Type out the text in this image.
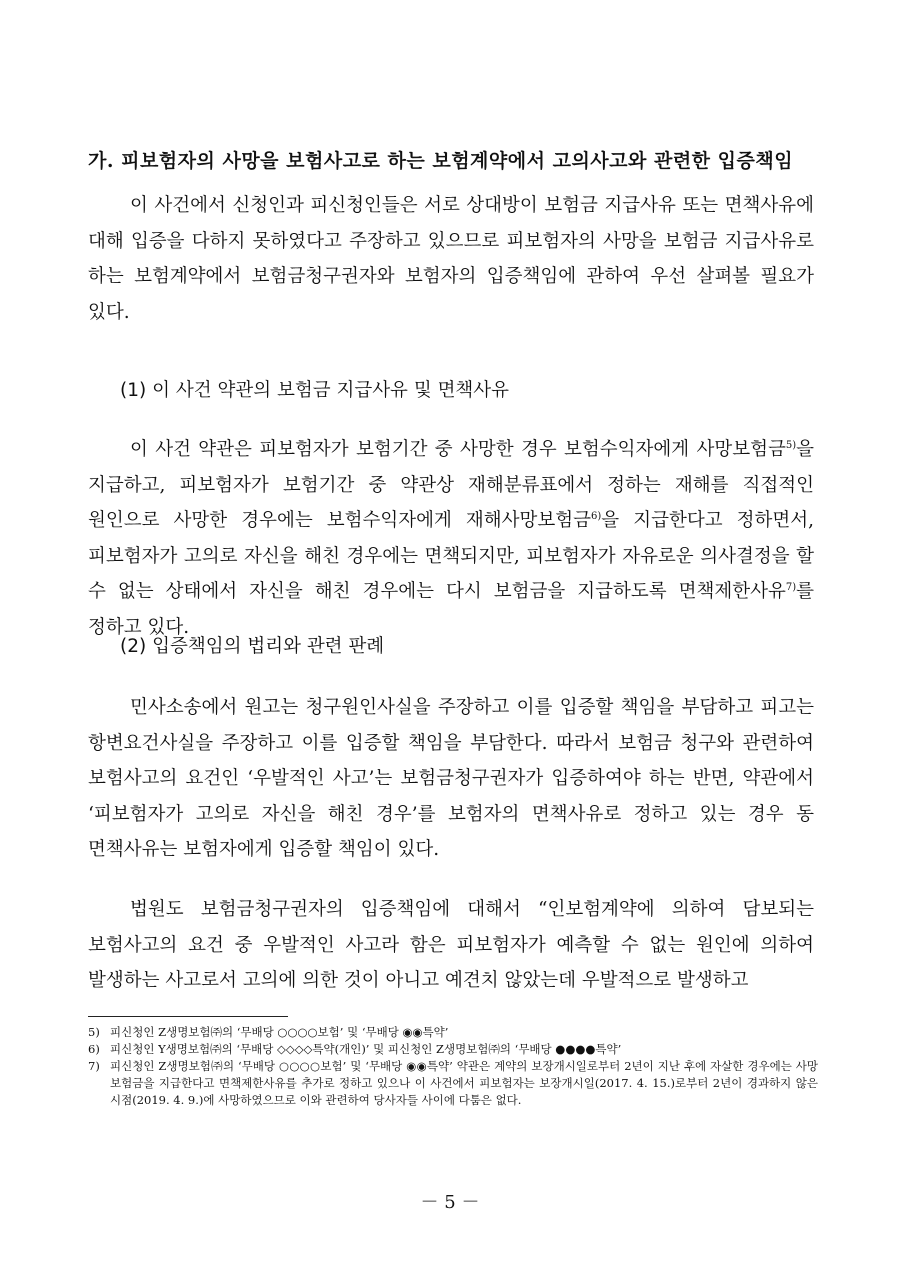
가. 피보험자의 사망을 보험사고로 하는 보험계약에서 고의사고와 관련한 입증책임

이 사건에서 신청인과 피신청인들은 서로 상대방이 보험금 지급사유 또는 면책사유에 대해 입증을 다하지 못하였다고 주장하고 있으므로 피보험자의 사망을 보험금 지급사유로 하는 보험계약에서 보험금청구권자와 보험자의 입증책임에 관하여 우선 살펴볼 필요가 있다.

(1) 이 사건 약관의 보험금 지급사유 및 면책사유

이 사건 약관은 피보험자가 보험기간 중 사망한 경우 보험수익자에게 사망보험금$^{5)}$을 지급하고, 피보험자가 보험기간 중 약관상 재해분류표에서 정하는 재해를 직접적인 원인으로 사망한 경우에는 보험수익자에게 재해사망보험금$^{6)}$을 지급한다고 정하면서, 피보험자가 고의로 자신을 해친 경우에는 면책되지만, 피보험자가 자유로운 의사결정을 할 수 없는 상태에서 자신을 해친 경우에는 다시 보험금을 지급하도록 면책제한사유$^{7)}$를 정하고 있다.

(2) 입증책임의 법리와 관련 판례

민사소송에서 원고는 청구원인사실을 주장하고 이를 입증할 책임을 부담하고 피고는 항변요건사실을 주장하고 이를 입증할 책임을 부담한다. 따라서 보험금 청구와 관련하여 보험사고의 요건인 ‘우발적인 사고’는 보험금청구권자가 입증하여야 하는 반면, 약관에서 ‘피보험자가 고의로 자신을 해친 경우’를 보험자의 면책사유로 정하고 있는 경우 동 면책사유는 보험자에게 입증할 책임이 있다.

법원도 보험금청구권자의 입증책임에 대해서 “인보험계약에 의하여 담보되는 보험사고의 요건 중 우발적인 사고라 함은 피보험자가 예측할 수 없는 원인에 의하여 발생하는 사고로서 고의에 의한 것이 아니고 예견치 않았는데 우발적으로 발생하고

5) 피신청인 Z생명보험㈜의 ‘무배당 ○○○○보험’ 및 ‘무배당 ◉◉특약’
6) 피신청인 Y생명보험㈜의 ‘무배당 ◇◇◇◇특약(개인)’ 및 피신청인 Z생명보험㈜의 ‘무배당 ●●●●특약’
7) 피신청인 Z생명보험㈜의 ‘무배당 ○○○○보험’ 및 ‘무배당 ◉◉특약’ 약관은 계약의 보장개시일로부터 2년이 지난 후에 자살한 경우에는 사망보험금을 지급한다고 면책제한사유를 추가로 정하고 있으나 이 사건에서 피보험자는 보장개시일(2017. 4. 15.)로부터 2년이 경과하지 않은 시점(2019. 4. 9.)에 사망하였으므로 이와 관련하여 당사자들 사이에 다툼은 없다.
－ 5 －
